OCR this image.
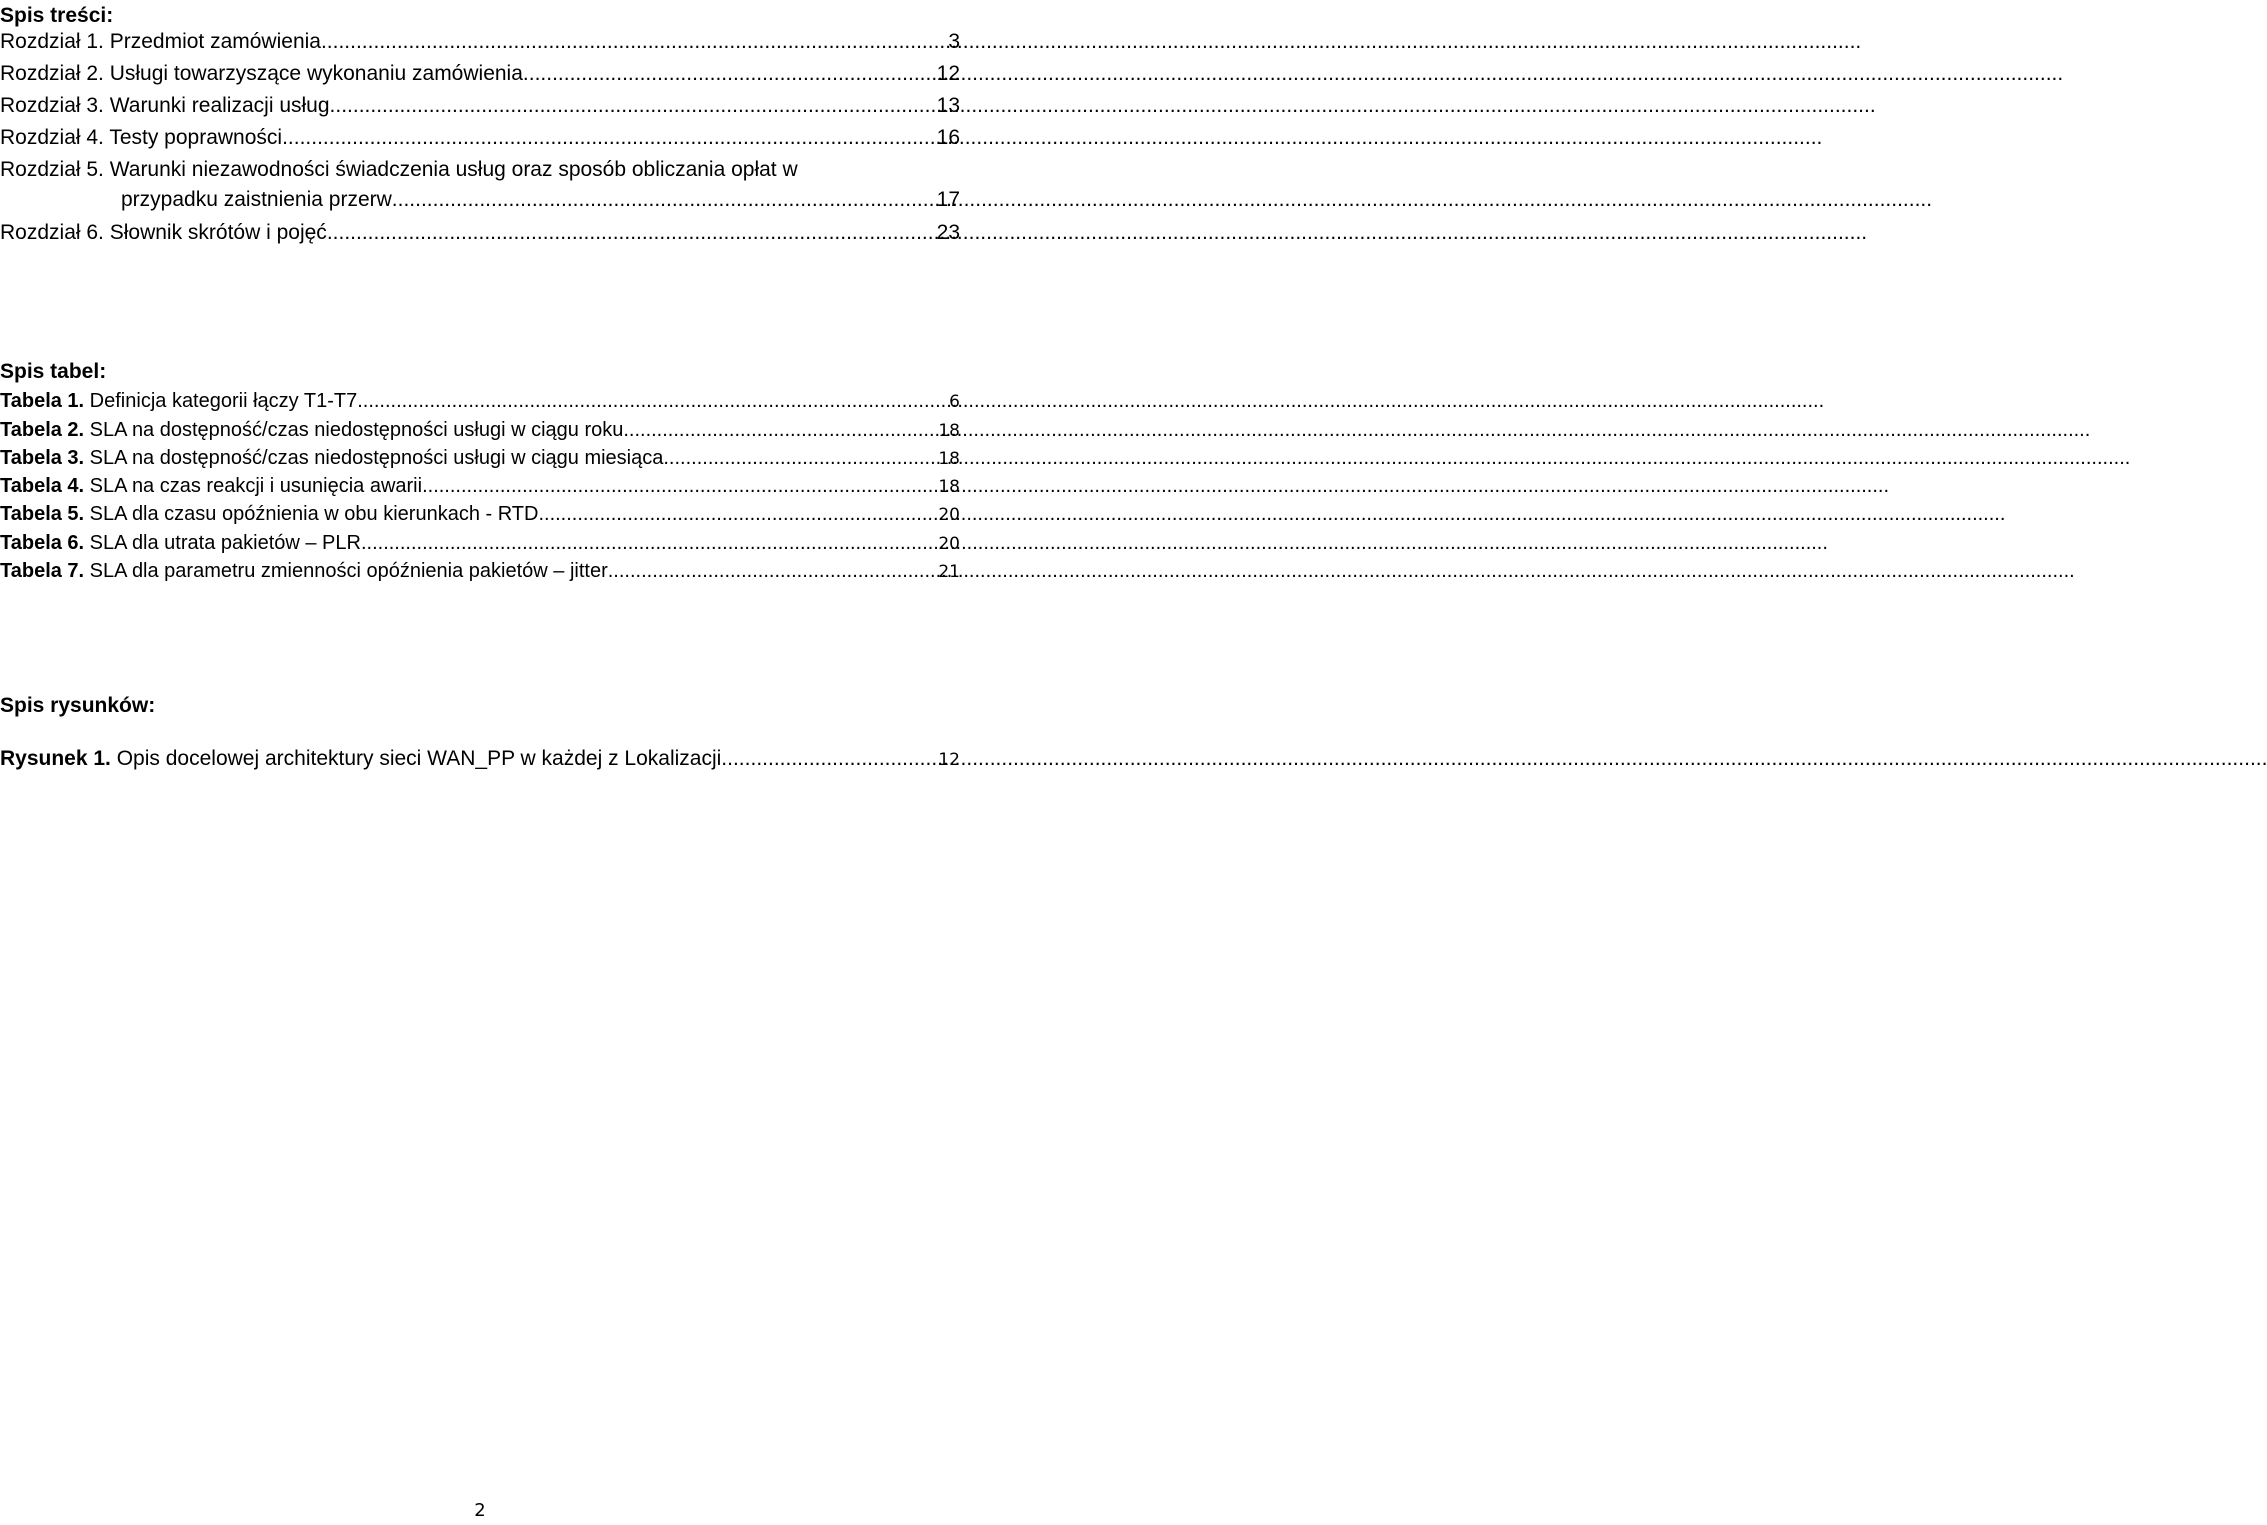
Spis treści:
Rozdział 1. Przedmiot zamówienia .....	3
Rozdział 2. Usługi towarzyszące wykonaniu zamówienia .....	12
Rozdział 3. Warunki realizacji usług. .....	13
Rozdział 4. Testy poprawności .....	16
Rozdział 5. Warunki niezawodności świadczenia usług oraz sposób obliczania opłat w
przypadku zaistnienia przerw .....	17
Rozdział 6. Słownik skrótów i pojęć .....	23
Spis tabel:
Tabela 1. Definicja kategorii łączy T1-T7 .....	6
Tabela 2. SLA na dostępność/czas niedostępności usługi w ciągu roku .....	18
Tabela 3. SLA na dostępność/czas niedostępności usługi w ciągu miesiąca .....	18
Tabela 4. SLA na czas reakcji i usunięcia awarii .....	18
Tabela 5. SLA dla czasu opóźnienia w obu kierunkach - RTD .....	20
Tabela 6. SLA dla utrata pakietów – PLR .....	20
Tabela 7. SLA dla parametru zmienności opóźnienia pakietów – jitter .....	21
Spis rysunków:
Rysunek 1. Opis docelowej architektury sieci WAN_PP w każdej z Lokalizacji. .....	12
2
